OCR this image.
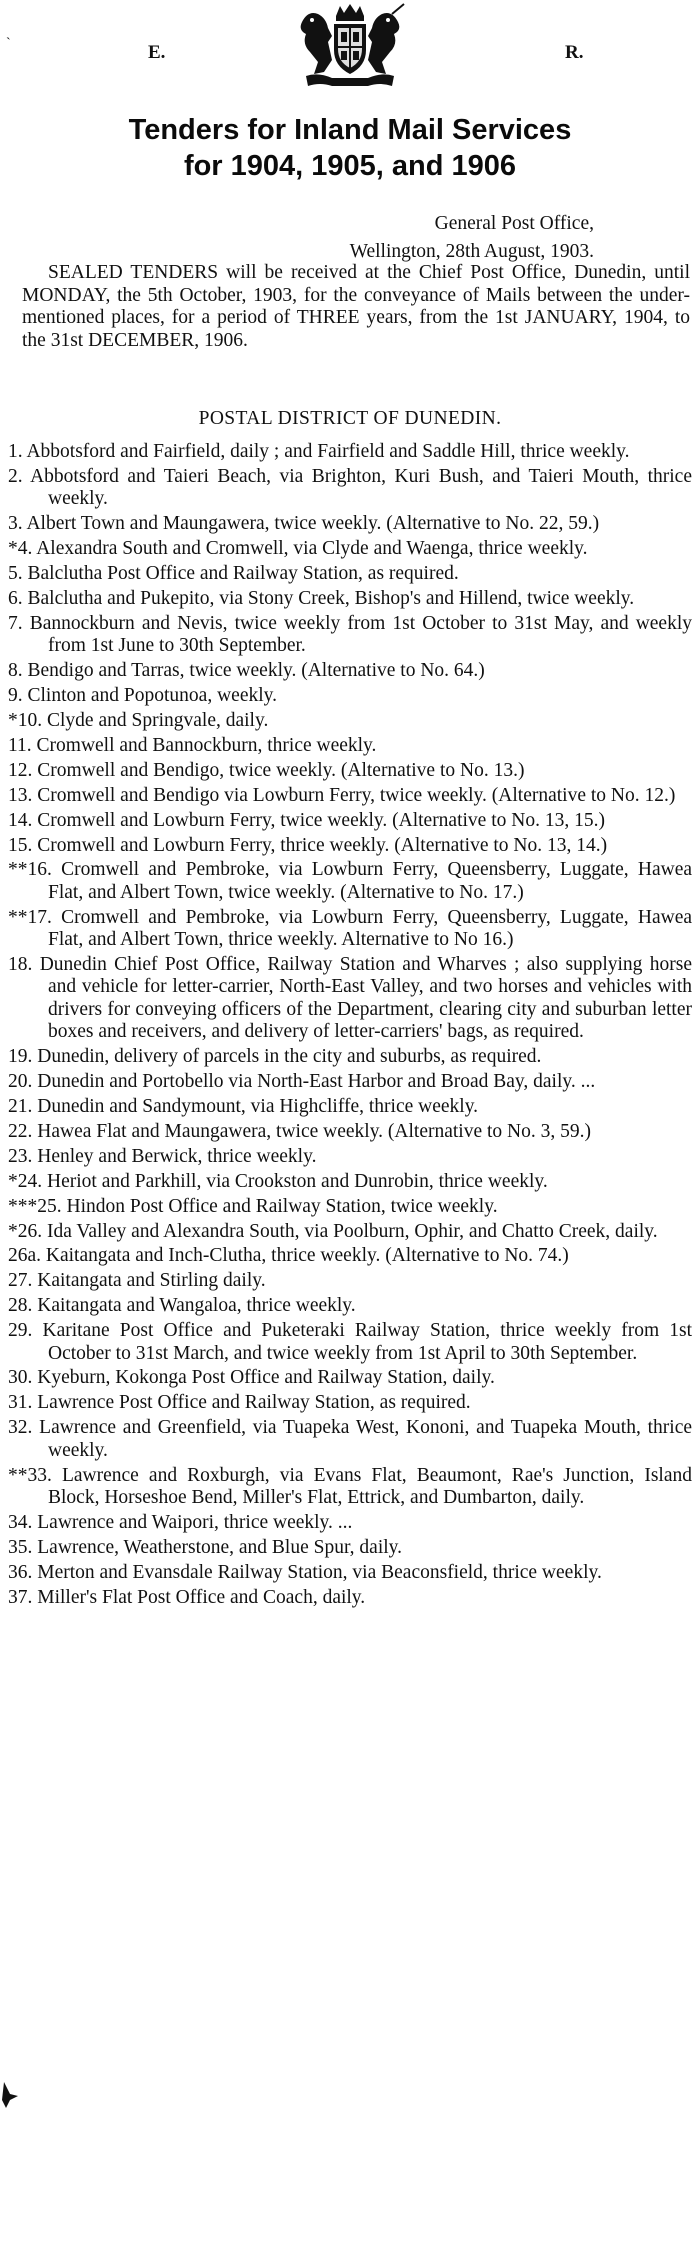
`	E.	R.
Tenders for Inland Mail Services
for 1904, 1905, and 1906
General Post Office,
Wellington, 28th August, 1903.
SEALED TENDERS will be received at the Chief Post Office, Dunedin, until MONDAY, the 5th October, 1903, for the conveyance of Mails between the under-mentioned places, for a period of THREE years, from the 1st JANUARY, 1904, to the 31st DECEMBER, 1906.
POSTAL DISTRICT OF DUNEDIN.
1. Abbotsford and Fairfield, daily ; and Fairfield and Saddle Hill, thrice weekly.
2. Abbotsford and Taieri Beach, via Brighton, Kuri Bush, and Taieri Mouth, thrice weekly.
3. Albert Town and Maungawera, twice weekly. (Alternative to No. 22, 59.)
*4. Alexandra South and Cromwell, via Clyde and Waenga, thrice weekly.
5. Balclutha Post Office and Railway Station, as required.
6. Balclutha and Pukepito, via Stony Creek, Bishop's and Hillend, twice weekly.
7. Bannockburn and Nevis, twice weekly from 1st October to 31st May, and weekly from 1st June to 30th September.
8. Bendigo and Tarras, twice weekly. (Alternative to No. 64.)
9. Clinton and Popotunoa, weekly.
*10. Clyde and Springvale, daily.
11. Cromwell and Bannockburn, thrice weekly.
12. Cromwell and Bendigo, twice weekly. (Alternative to No. 13.)
13. Cromwell and Bendigo via Lowburn Ferry, twice weekly. (Alternative to No. 12.)
14. Cromwell and Lowburn Ferry, twice weekly. (Alternative to No. 13, 15.)
15. Cromwell and Lowburn Ferry, thrice weekly. (Alternative to No. 13, 14.)
**16. Cromwell and Pembroke, via Lowburn Ferry, Queensberry, Luggate, Hawea Flat, and Albert Town, twice weekly. (Alternative to No. 17.)
**17. Cromwell and Pembroke, via Lowburn Ferry, Queensberry, Luggate, Hawea Flat, and Albert Town, thrice weekly. Alternative to No 16.)
18. Dunedin Chief Post Office, Railway Station and Wharves ; also supplying horse and vehicle for letter-carrier, North-East Valley, and two horses and vehicles with drivers for conveying officers of the Department, clearing city and suburban letter boxes and receivers, and delivery of letter-carriers' bags, as required.
19. Dunedin, delivery of parcels in the city and suburbs, as required.
20. Dunedin and Portobello via North-East Harbor and Broad Bay, daily. ...
21. Dunedin and Sandymount, via Highcliffe, thrice weekly.
22. Hawea Flat and Maungawera, twice weekly. (Alternative to No. 3, 59.)
23. Henley and Berwick, thrice weekly.
*24. Heriot and Parkhill, via Crookston and Dunrobin, thrice weekly.
***25. Hindon Post Office and Railway Station, twice weekly.
*26. Ida Valley and Alexandra South, via Poolburn, Ophir, and Chatto Creek, daily.
26a. Kaitangata and Inch-Clutha, thrice weekly. (Alternative to No. 74.)
27. Kaitangata and Stirling daily.
28. Kaitangata and Wangaloa, thrice weekly.
29. Karitane Post Office and Puketeraki Railway Station, thrice weekly from 1st October to 31st March, and twice weekly from 1st April to 30th September.
30. Kyeburn, Kokonga Post Office and Railway Station, daily.
31. Lawrence Post Office and Railway Station, as required.
32. Lawrence and Greenfield, via Tuapeka West, Kononi, and Tuapeka Mouth, thrice weekly.
**33. Lawrence and Roxburgh, via Evans Flat, Beaumont, Rae's Junction, Island Block, Horseshoe Bend, Miller's Flat, Ettrick, and Dumbarton, daily.
34. Lawrence and Waipori, thrice weekly. ...
35. Lawrence, Weatherstone, and Blue Spur, daily.
36. Merton and Evansdale Railway Station, via Beaconsfield, thrice weekly.
37. Miller's Flat Post Office and Coach, daily.
